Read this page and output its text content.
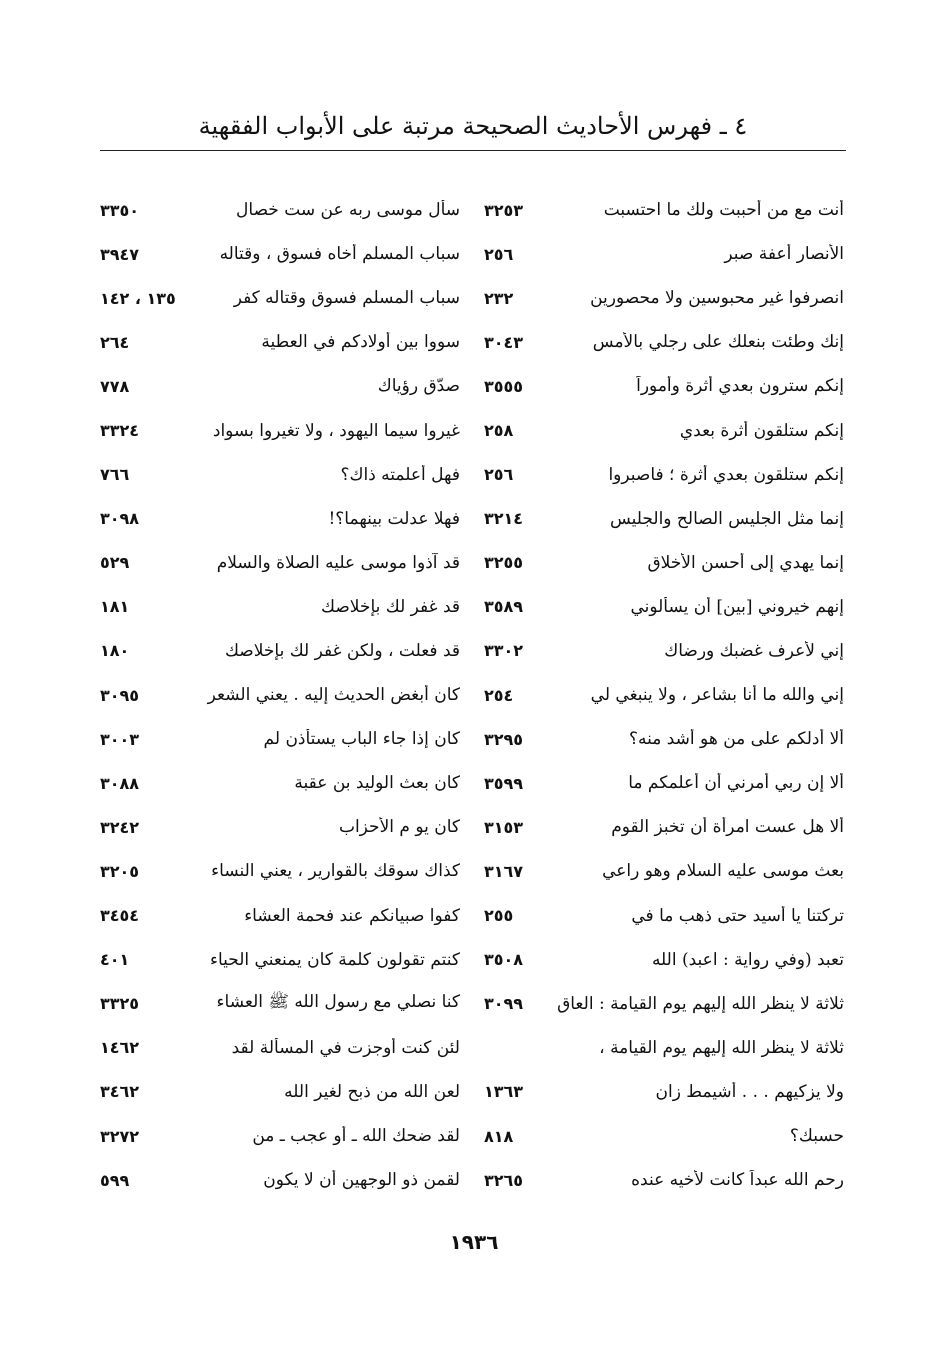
٤ ـ فهرس الأحاديث الصحيحة مرتبة على الأبواب الفقهية
أنت مع من أحببت ولك ما احتسبت
٣٢٥٣
الأنصار أعفة صبر
٢٥٦
انصرفوا غير محبوسين ولا محصورين
٢٣٢
إنك وطئت بنعلك على رجلي بالأمس
٣٠٤٣
إنكم سترون بعدي أثرة وأموراً
٣٥٥٥
إنكم ستلقون أثرة بعدي
٢٥٨
إنكم ستلقون بعدي أثرة ؛ فاصبروا
٢٥٦
إنما مثل الجليس الصالح والجليس
٣٢١٤
إنما يهدي إلى أحسن الأخلاق
٣٢٥٥
إنهم خيروني [بين] أن يسألوني
٣٥٨٩
إني لأعرف غضبك ورضاك
٣٣٠٢
إني والله ما أنا بشاعر ، ولا ينبغي لي
٢٥٤
ألا أدلكم على من هو أشد منه؟
٣٢٩٥
ألا إن ربي أمرني أن أعلمكم ما
٣٥٩٩
ألا هل عست امرأة أن تخبز القوم
٣١٥٣
بعث موسى عليه السلام وهو راعي
٣١٦٧
تركتنا يا أسيد حتى ذهب ما في
٢٥٥
تعبد (وفي رواية : اعبد) الله
٣٥٠٨
ثلاثة لا ينظر الله إليهم يوم القيامة : العاق
٣٠٩٩
ثلاثة لا ينظر الله إليهم يوم القيامة ،
ولا يزكيهم . . . أشيمط زان
١٣٦٣
حسبك؟
٨١٨
رحم الله عبداً كانت لأخيه عنده
٣٢٦٥
سأل موسى ربه عن ست خصال
٣٣٥٠
سباب المسلم أخاه فسوق ، وقتاله
٣٩٤٧
سباب المسلم فسوق وقتاله كفر
١٣٥ ، ١٤٢
سووا بين أولادكم في العطية
٢٦٤
صدّق رؤياك
٧٧٨
غيروا سيما اليهود ، ولا تغيروا بسواد
٣٣٢٤
فهل أعلمته ذاك؟
٧٦٦
فهلا عدلت بينهما؟!
٣٠٩٨
قد آذوا موسى عليه الصلاة والسلام
٥٢٩
قد غفر لك بإخلاصك
١٨١
قد فعلت ، ولكن غفر لك بإخلاصك
١٨٠
كان أبغض الحديث إليه . يعني الشعر
٣٠٩٥
كان إذا جاء الباب يستأذن لم
٣٠٠٣
كان بعث الوليد بن عقبة
٣٠٨٨
كان يو م الأحزاب
٣٢٤٢
كذاك سوقك بالقوارير ، يعني النساء
٣٢٠٥
كفوا صبيانكم عند فحمة العشاء
٣٤٥٤
كنتم تقولون كلمة كان يمنعني الحياء
٤٠١
كنا نصلي مع رسول الله ﷺ العشاء
٣٣٢٥
لئن كنت أوجزت في المسألة لقد
١٤٦٢
لعن الله من ذبح لغير الله
٣٤٦٢
لقد ضحك الله ـ أو عجب ـ من
٣٢٧٢
لقمن ذو الوجهين أن لا يكون
٥٩٩
١٩٣٦
